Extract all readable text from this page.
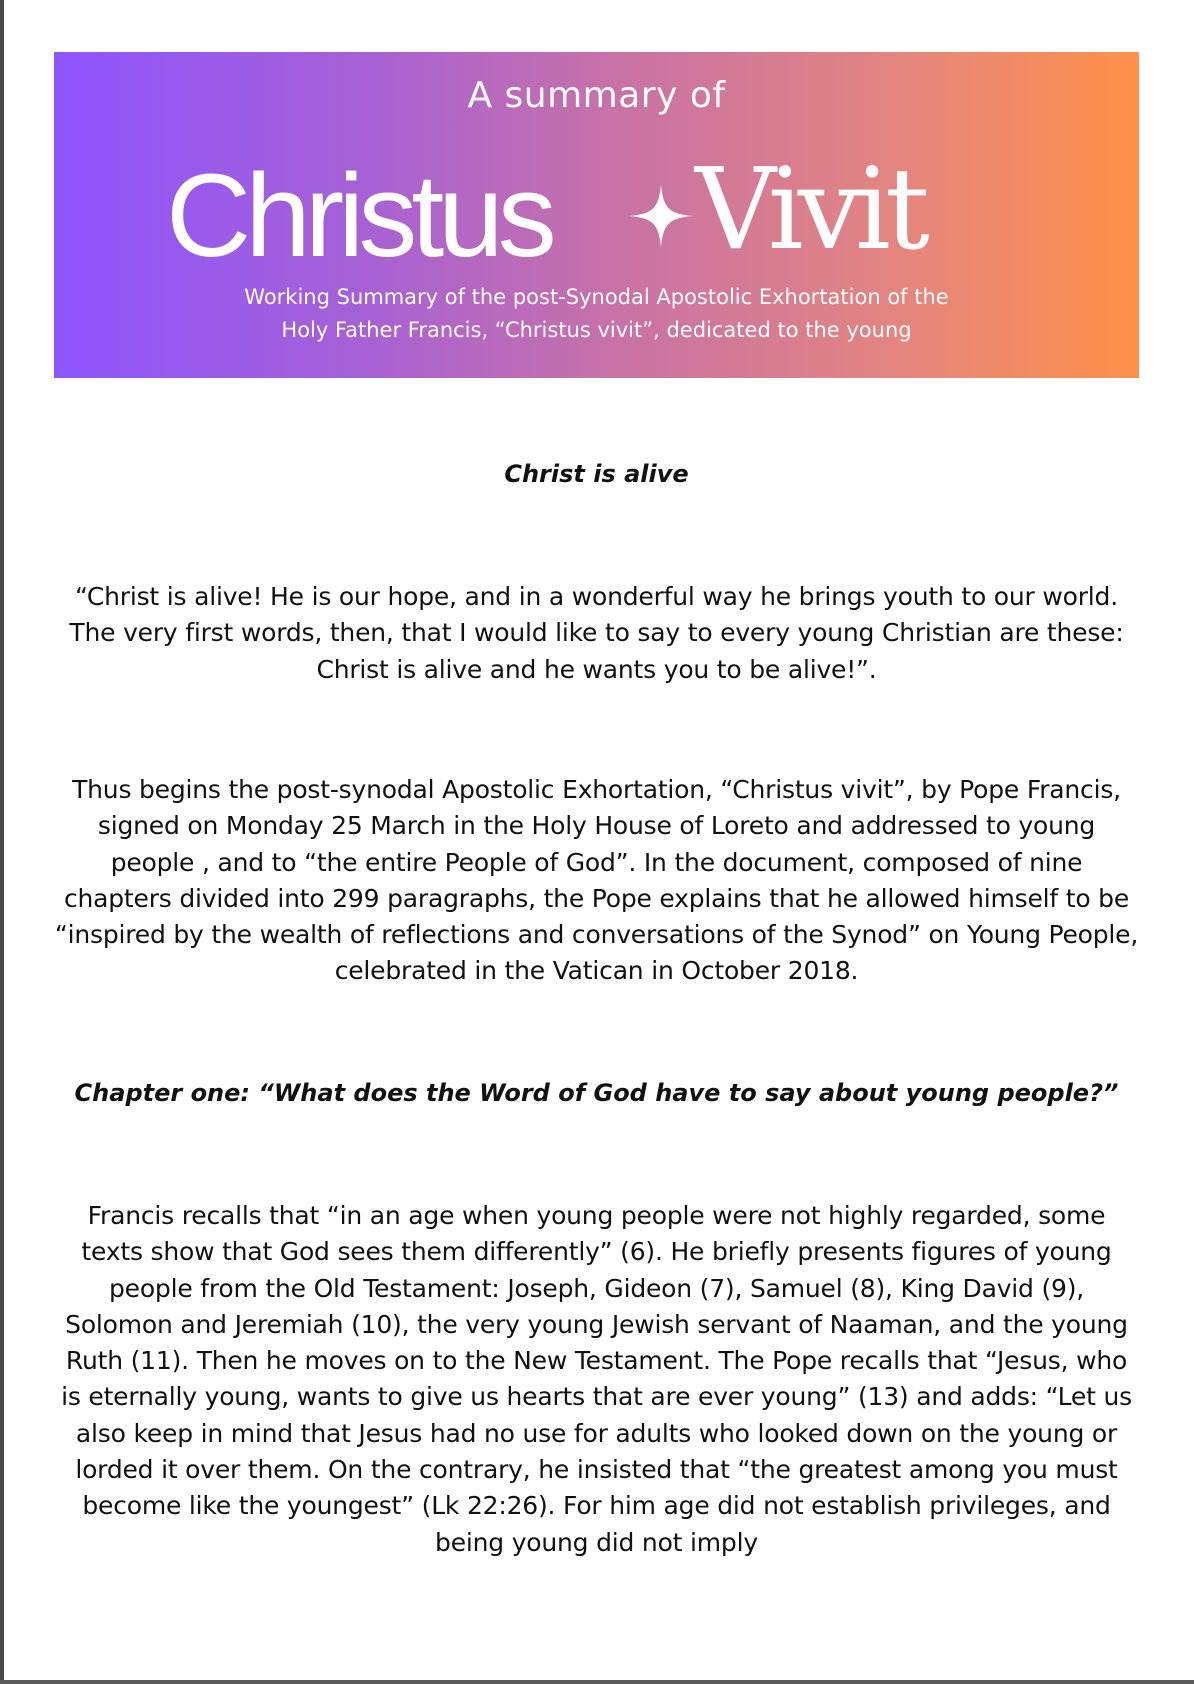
A summary of
Christus Vivit
Working Summary of the post-Synodal Apostolic Exhortation of the
Holy Father Francis, “Christus vivit”, dedicated to the young
Christ is alive
“Christ is alive! He is our hope, and in a wonderful way he brings youth to our world. The very first words, then, that I would like to say to every young Christian are these: Christ is alive and he wants you to be alive!”.
Thus begins the post-synodal Apostolic Exhortation, “Christus vivit”, by Pope Francis, signed on Monday 25 March in the Holy House of Loreto and addressed to young people , and to “the entire People of God”. In the document, composed of nine chapters divided into 299 paragraphs, the Pope explains that he allowed himself to be “inspired by the wealth of reflections and conversations of the Synod” on Young People, celebrated in the Vatican in October 2018.
Chapter one: “What does the Word of God have to say about young people?”
Francis recalls that “in an age when young people were not highly regarded, some texts show that God sees them differently” (6). He briefly presents figures of young people from the Old Testament: Joseph, Gideon (7), Samuel (8), King David (9), Solomon and Jeremiah (10), the very young Jewish servant of Naaman, and the young Ruth (11). Then he moves on to the New Testament. The Pope recalls that “Jesus, who is eternally young, wants to give us hearts that are ever young” (13) and adds: “Let us also keep in mind that Jesus had no use for adults who looked down on the young or lorded it over them. On the contrary, he insisted that “the greatest among you must become like the youngest” (Lk 22:26). For him age did not establish privileges, and being young did not imply
